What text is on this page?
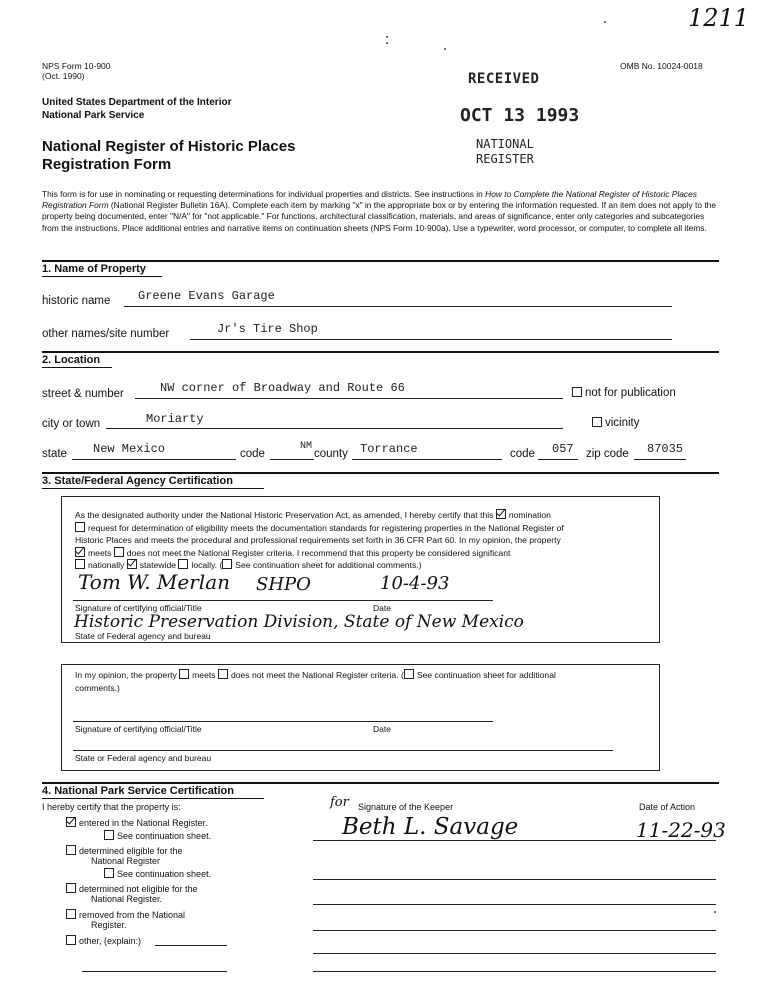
1211
NPS Form 10-900
(Oct. 1990)
OMB No. 10024-0018
United States Department of the Interior
National Park Service
National Register of Historic Places
Registration Form
RECEIVED
OCT 13 1993
NATIONAL
REGISTER
This form is for use in nominating or requesting determinations for individual properties and districts. See instructions in How to Complete the National Register of Historic Places Registration Form (National Register Bulletin 16A). Complete each item by marking "x" in the appropriate box or by entering the information requested. If an item does not apply to the property being documented, enter "N/A" for "not applicable." For functions, architectural classification, materials, and areas of significance, enter only categories and subcategories from the instructions. Place additional entries and narrative items on continuation sheets (NPS Form 10-900a). Use a typewriter, word processor, or computer, to complete all items.
1. Name of Property
historic name Greene Evans Garage
other names/site number	Jr's Tire Shop
2. Location
street & number	NW corner of Broadway and Route 66	not for publication
city or town	Moriarty	vicinity
state New Mexico	code
NM
county Torrance	code 057 zip code 87035
3. State/Federal Agency Certification
As the designated authority under the National Historic Preservation Act, as amended, I hereby certify that this nomination
request for determination of eligibility meets the documentation standards for registering properties in the National Register of
Historic Places and meets the procedural and professional requirements set forth in 36 CFR Part 60. In my opinion, the property
meets does not meet the National Register criteria. I recommend that this property be considered significant
nationally statewide locally. ( See continuation sheet for additional comments.)
Tom W. Merlan SHPO	10-4-93
Signature of certifying official/Title	Date
Historic Preservation Division, State of New Mexico
State of Federal agency and bureau
In my opinion, the property meets does not meet the National Register criteria. ( See continuation sheet for additional
comments.)
Signature of certifying official/Title	Date
State or Federal agency and bureau
4. National Park Service Certification
I hereby certify that the property is:	for Signature of the Keeper	Date of Action
Beth L. Savage	11-22-93
entered in the National Register.
See continuation sheet.
determined eligible for the
National Register
See continuation sheet.
determined not eligible for the
National Register.
removed from the National
Register.
other, (explain:)
